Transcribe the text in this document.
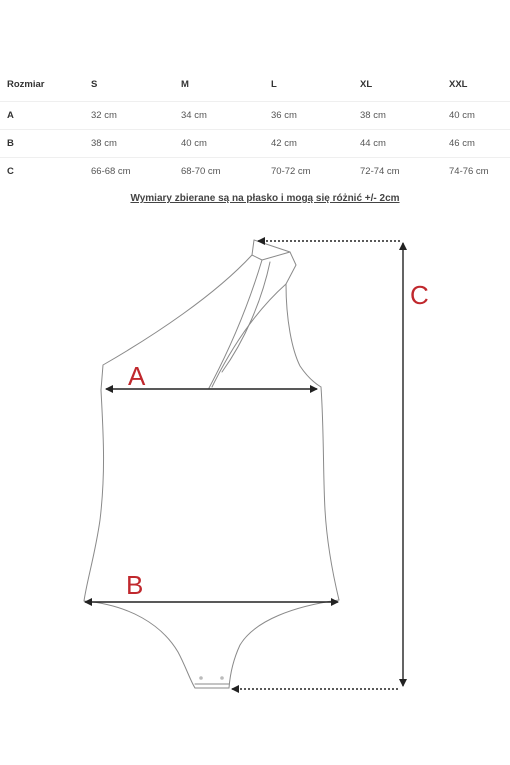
Rozmiar	S	M	L	XL	XXL
A	32 cm	34 cm	36 cm	38 cm	40 cm
B	38 cm	40 cm	42 cm	44 cm	46 cm
C	66-68 cm	68-70 cm	70-72 cm	72-74 cm	74-76 cm
Wymiary zbierane są na płasko i mogą się różnić +/- 2cm
A
B
C
